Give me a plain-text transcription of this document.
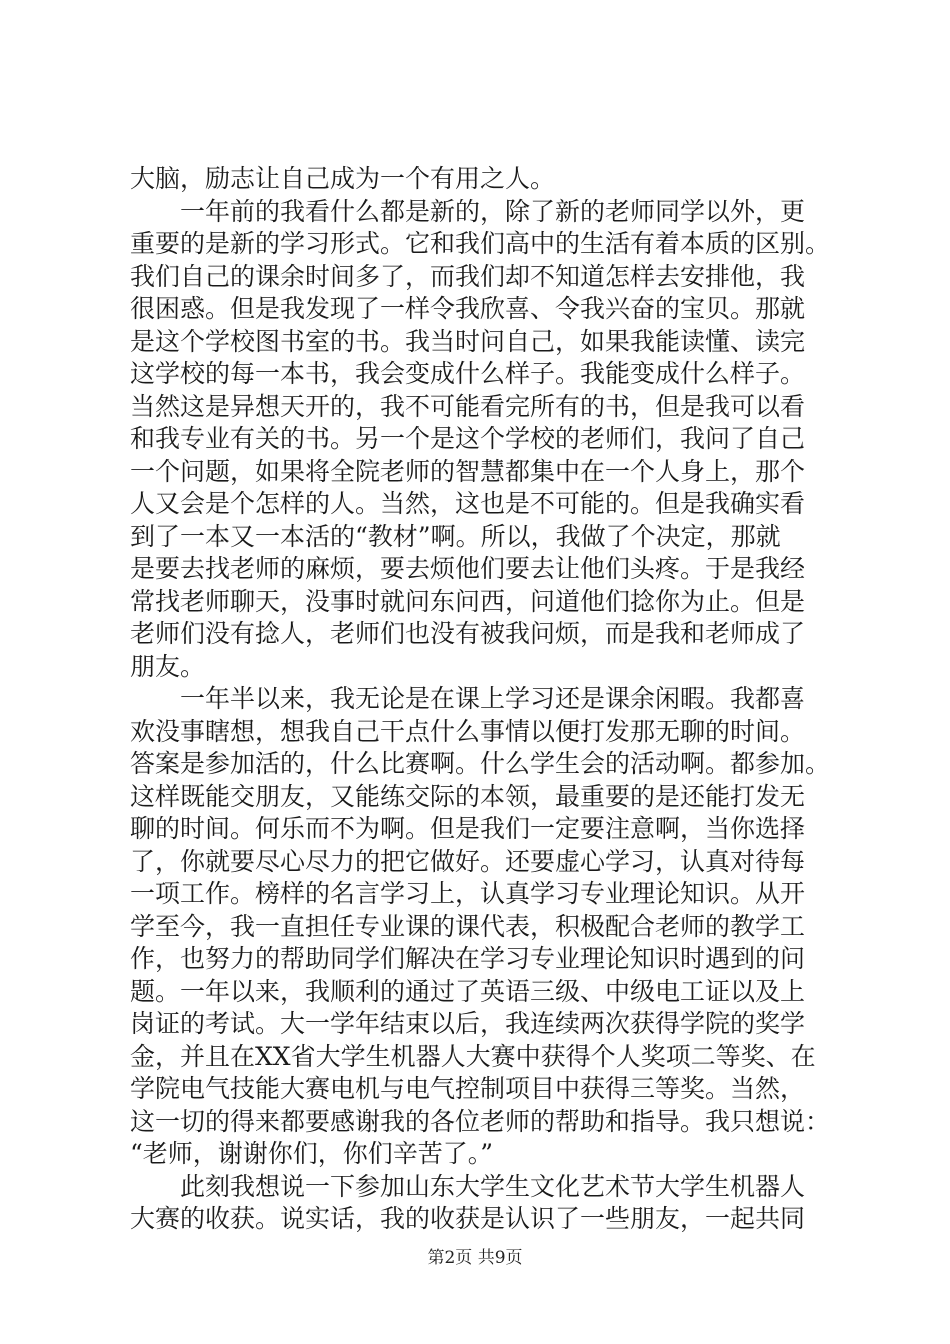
大脑，励志让自己成为一个有用之人。
　　一年前的我看什么都是新的，除了新的老师同学以外，更
重要的是新的学习形式。它和我们高中的生活有着本质的区别。
我们自己的课余时间多了，而我们却不知道怎样去安排他，我
很困惑。但是我发现了一样令我欣喜、令我兴奋的宝贝。那就
是这个学校图书室的书。我当时问自己，如果我能读懂、读完
这学校的每一本书，我会变成什么样子。我能变成什么样子。
当然这是异想天开的，我不可能看完所有的书，但是我可以看
和我专业有关的书。另一个是这个学校的老师们，我问了自己
一个问题，如果将全院老师的智慧都集中在一个人身上，那个
人又会是个怎样的人。当然，这也是不可能的。但是我确实看
到了一本又一本活的“教材”啊。所以，我做了个决定，那就
是要去找老师的麻烦，要去烦他们要去让他们头疼。于是我经
常找老师聊天，没事时就问东问西，问道他们捻你为止。但是
老师们没有捻人，老师们也没有被我问烦，而是我和老师成了
朋友。
　　一年半以来，我无论是在课上学习还是课余闲暇。我都喜
欢没事瞎想，想我自己干点什么事情以便打发那无聊的时间。
答案是参加活的，什么比赛啊。什么学生会的活动啊。都参加。
这样既能交朋友，又能练交际的本领，最重要的是还能打发无
聊的时间。何乐而不为啊。但是我们一定要注意啊，当你选择
了，你就要尽心尽力的把它做好。还要虚心学习，认真对待每
一项工作。榜样的名言学习上，认真学习专业理论知识。从开
学至今，我一直担任专业课的课代表，积极配合老师的教学工
作，也努力的帮助同学们解决在学习专业理论知识时遇到的问
题。一年以来，我顺利的通过了英语三级、中级电工证以及上
岗证的考试。大一学年结束以后，我连续两次获得学院的奖学
金，并且在XX省大学生机器人大赛中获得个人奖项二等奖、在
学院电气技能大赛电机与电气控制项目中获得三等奖。当然，
这一切的得来都要感谢我的各位老师的帮助和指导。我只想说：
“老师，谢谢你们，你们辛苦了。”
　　此刻我想说一下参加山东大学生文化艺术节大学生机器人
大赛的收获。说实话，我的收获是认识了一些朋友，一起共同
第2页 共9页
